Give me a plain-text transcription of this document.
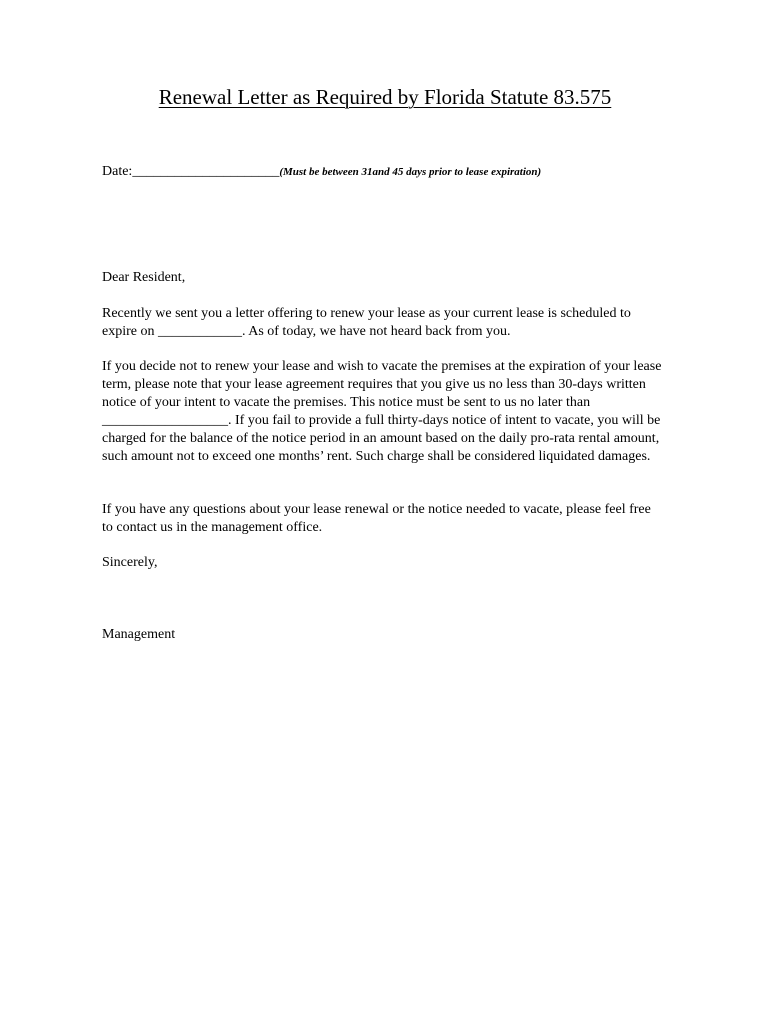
Renewal Letter as Required by Florida Statute 83.575
Date:_____________________(Must be between 31and 45 days prior to lease expiration)

Dear Resident,

Recently we sent you a letter offering to renew your lease as your current lease is scheduled to expire on ____________. As of today, we have not heard back from you.

If you decide not to renew your lease and wish to vacate the premises at the expiration of your lease term, please note that your lease agreement requires that you give us no less than 30-days written notice of your intent to vacate the premises. This notice must be sent to us no later than __________________. If you fail to provide a full thirty-days notice of intent to vacate, you will be charged for the balance of the notice period in an amount based on the daily pro-rata rental amount, such amount not to exceed one months’ rent. Such charge shall be considered liquidated damages.

If you have any questions about your lease renewal or the notice needed to vacate, please feel free to contact us in the management office.

Sincerely,

Management
